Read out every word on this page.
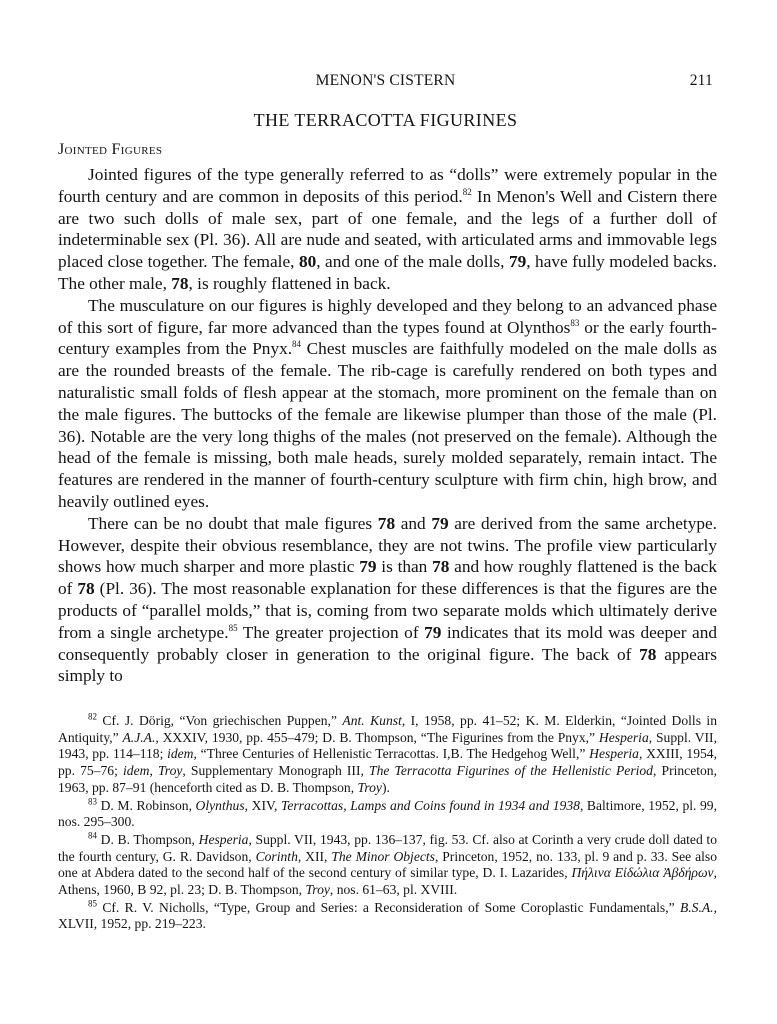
MENON'S CISTERN	211
THE TERRACOTTA FIGURINES
Jointed Figures

Jointed figures of the type generally referred to as “dolls” were extremely popular in the fourth century and are common in deposits of this period.$^{82}$ In Menon's Well and Cistern there are two such dolls of male sex, part of one female, and the legs of a further doll of indeterminable sex (Pl. 36). All are nude and seated, with articulated arms and immovable legs placed close together. The female, 80, and one of the male dolls, 79, have fully modeled backs. The other male, 78, is roughly flattened in back.

The musculature on our figures is highly developed and they belong to an advanced phase of this sort of figure, far more advanced than the types found at Olynthos$^{83}$ or the early fourth-century examples from the Pnyx.$^{84}$ Chest muscles are faithfully modeled on the male dolls as are the rounded breasts of the female. The rib-cage is carefully rendered on both types and naturalistic small folds of flesh appear at the stomach, more prominent on the female than on the male figures. The buttocks of the female are likewise plumper than those of the male (Pl. 36). Notable are the very long thighs of the males (not preserved on the female). Although the head of the female is missing, both male heads, surely molded separately, remain intact. The features are rendered in the manner of fourth-century sculpture with firm chin, high brow, and heavily outlined eyes.

There can be no doubt that male figures 78 and 79 are derived from the same archetype. However, despite their obvious resemblance, they are not twins. The profile view particularly shows how much sharper and more plastic 79 is than 78 and how roughly flattened is the back of 78 (Pl. 36). The most reasonable explanation for these differences is that the figures are the products of “parallel molds,” that is, coming from two separate molds which ultimately derive from a single archetype.$^{85}$ The greater projection of 79 indicates that its mold was deeper and consequently probably closer in generation to the original figure. The back of 78 appears simply to

$^{82}$ Cf. J. Dörig, “Von griechischen Puppen,” Ant. Kunst, I, 1958, pp. 41–52; K. M. Elderkin, “Jointed Dolls in Antiquity,” A.J.A., XXXIV, 1930, pp. 455–479; D. B. Thompson, “The Figurines from the Pnyx,” Hesperia, Suppl. VII, 1943, pp. 114–118; idem, “Three Centuries of Hellenistic Terracottas. I,B. The Hedgehog Well,” Hesperia, XXIII, 1954, pp. 75–76; idem, Troy, Supplementary Monograph III, The Terracotta Figurines of the Hellenistic Period, Princeton, 1963, pp. 87–91 (henceforth cited as D. B. Thompson, Troy).

$^{83}$ D. M. Robinson, Olynthus, XIV, Terracottas, Lamps and Coins found in 1934 and 1938, Baltimore, 1952, pl. 99, nos. 295–300.

$^{84}$ D. B. Thompson, Hesperia, Suppl. VII, 1943, pp. 136–137, fig. 53. Cf. also at Corinth a very crude doll dated to the fourth century, G. R. Davidson, Corinth, XII, The Minor Objects, Princeton, 1952, no. 133, pl. 9 and p. 33. See also one at Abdera dated to the second half of the second century of similar type, D. I. Lazarides, Πήλινα Εἰδώλια Ἀβδήρων, Athens, 1960, B 92, pl. 23; D. B. Thompson, Troy, nos. 61–63, pl. XVIII.

$^{85}$ Cf. R. V. Nicholls, “Type, Group and Series: a Reconsideration of Some Coroplastic Fundamentals,” B.S.A., XLVII, 1952, pp. 219–223.
